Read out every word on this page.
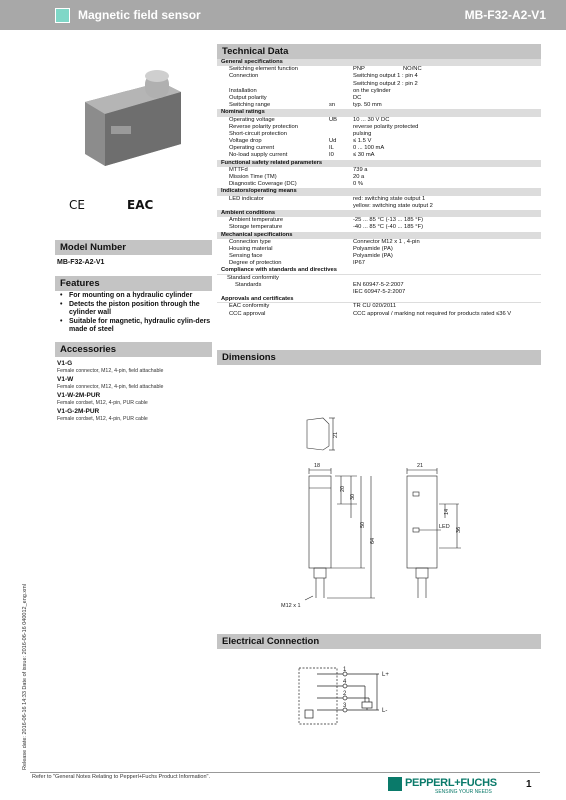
Magnetic field sensor	MB-F32-A2-V1
CE	EAC
Model Number
MB-F32-A2-V1
Features
• For mounting on a hydraulic cylinder
• Detects the piston position through the cylinder wall
• Suitable for magnetic, hydraulic cylin-ders made of steel
Accessories
V1-G
Female connector, M12, 4-pin, field attachable
V1-W
Female connector, M12, 4-pin, field attachable
V1-W-2M-PUR
Female cordset, M12, 4-pin, PUR cable
V1-G-2M-PUR
Female cordset, M12, 4-pin, PUR cable
Release date: 2016-06-16 14:33 Date of issue: 2016-06-16 040012_eng.xml
Technical Data
General specifications
Switching element function	PNP	NO/NC
Connection	Switching output 1 : pin 4
Switching output 2 : pin 2
Installation	on the cylinder
Output polarity	DC
Switching range	sn	typ. 50 mm
Nominal ratings
Operating voltage	UB	10 ... 30 V DC
Reverse polarity protection	reverse polarity protected
Short-circuit protection	pulsing
Voltage drop	Ud	≤ 1.5 V
Operating current	IL	0 ... 100 mA
No-load supply current	I0	≤ 30 mA
Functional safety related parameters
MTTFd	739 a
Mission Time (TM)	20 a
Diagnostic Coverage (DC)	0 %
Indicators/operating means
LED indicator	red: switching state output 1
yellow: switching state output 2
Ambient conditions
Ambient temperature	-25 ... 85 °C (-13 ... 185 °F)
Storage temperature	-40 ... 85 °C (-40 ... 185 °F)
Mechanical specifications
Connection type	Connector M12 x 1 , 4-pin
Housing material	Polyamide (PA)
Sensing face	Polyamide (PA)
Degree of protection	IP67
Compliance with standards and directives
Standard conformity
Standards	EN 60947-5-2:2007
IEC 60947-5-2:2007
Approvals and certificates
EAC conformity	TR CU 020/2011
CCC approval	CCC approval / marking not required for products rated ≤36 V
Dimensions
21
18
20
30
50
64
M12 x 1
21
14
36
LED
Electrical Connection
1
4
2
3
L+
L-
Refer to "General Notes Relating to Pepperl+Fuchs Product Information".	PEPPERL+FUCHS
SENSING YOUR NEEDS
1
